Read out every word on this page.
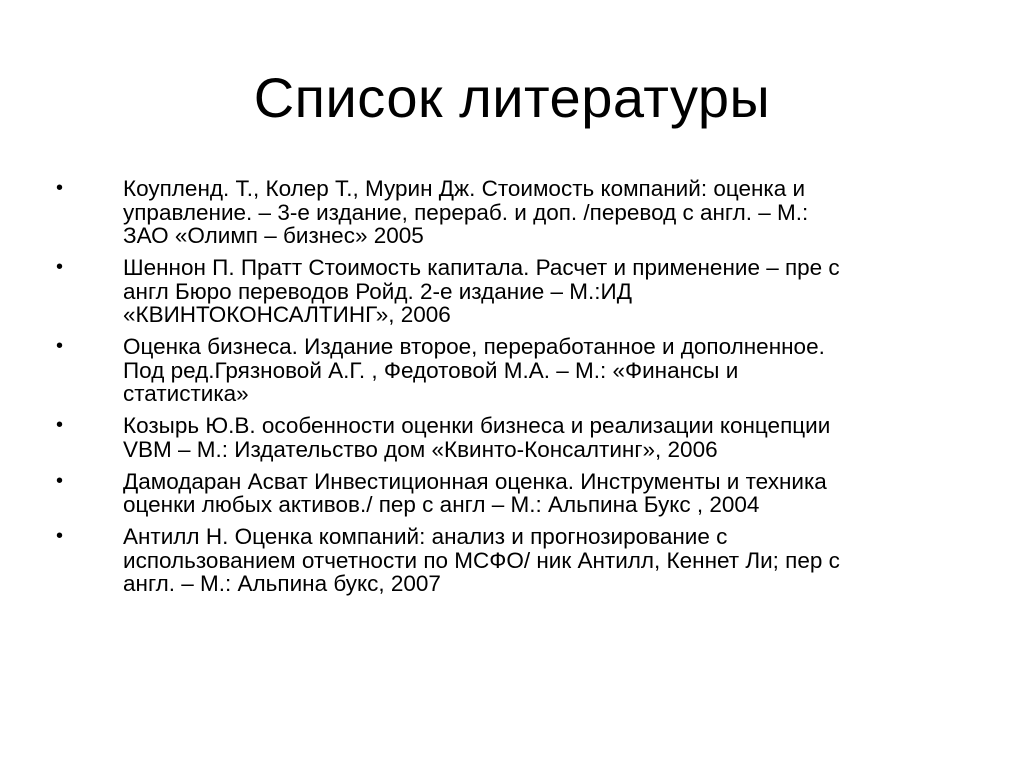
Список литературы
•	Коупленд. Т., Колер Т., Мурин Дж. Стоимость компаний: оценка и
управление. – 3-е издание, перераб. и доп. /перевод с англ. – М.:
ЗАО «Олимп – бизнес» 2005
•	Шеннон П. Пратт Стоимость капитала. Расчет и применение – пре с
англ Бюро переводов Ройд. 2-е издание – М.:ИД
«КВИНТОКОНСАЛТИНГ», 2006
•	Оценка бизнеса. Издание второе, переработанное и дополненное.
Под ред.Грязновой А.Г. , Федотовой М.А. – М.: «Финансы и
статистика»
•	Козырь Ю.В. особенности оценки бизнеса и реализации концепции
VBM – М.: Издательство дом «Квинто-Консалтинг», 2006
•	Дамодаран Асват Инвестиционная оценка. Инструменты и техника
оценки любых активов./ пер с англ – М.: Альпина Букс , 2004
•	Антилл Н. Оценка компаний: анализ и прогнозирование с
использованием отчетности по МСФО/ ник Антилл, Кеннет Ли; пер с
англ. – М.: Альпина букс, 2007
